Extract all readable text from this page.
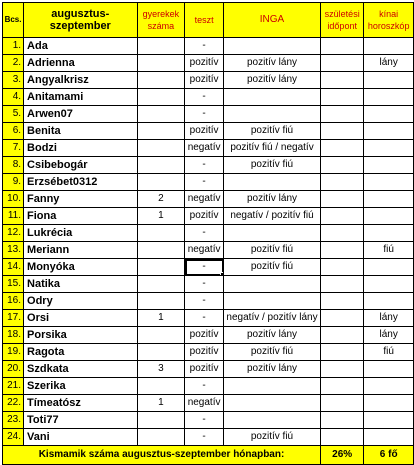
Bcs.	augusztus-szeptember	gyerekek száma	teszt	INGA	születési időpont	kínai horoszkóp
1.	Ada		-			
2.	Adrienna		pozitív	pozitív lány		lány
3.	Angyalkrisz		pozitív	pozitív lány		
4.	Anitamami		-			
5.	Arwen07		-			
6.	Benita		pozitív	pozitív fiú		
7.	Bodzi		negatív	pozitív fiú / negatív		
8.	Csibebogár		-	pozitív fiú		
9.	Erzsébet0312		-			
10.	Fanny	2	negatív	pozitív lány		
11.	Fiona	1	pozitív	negatív / pozitív fiú		
12.	Lukrécia		-			
13.	Meriann		negatív	pozitív fiú		fiú
14.	Monyóka		-	pozitív fiú		
15.	Natika		-			
16.	Odry		-			
17.	Orsi	1	-	negatív / pozitív lány		lány
18.	Porsika		pozitív	pozitív lány		lány
19.	Ragota		pozitív	pozitív fiú		fiú
20.	Szdkata	3	pozitív	pozitív lány		
21.	Szerika		-			
22.	Tímeatósz	1	negatív			
23.	Toti77		-			
24.	Vani		-	pozitív fiú		
Kismamik száma augusztus-szeptember hónapban:					26%	6 fő
